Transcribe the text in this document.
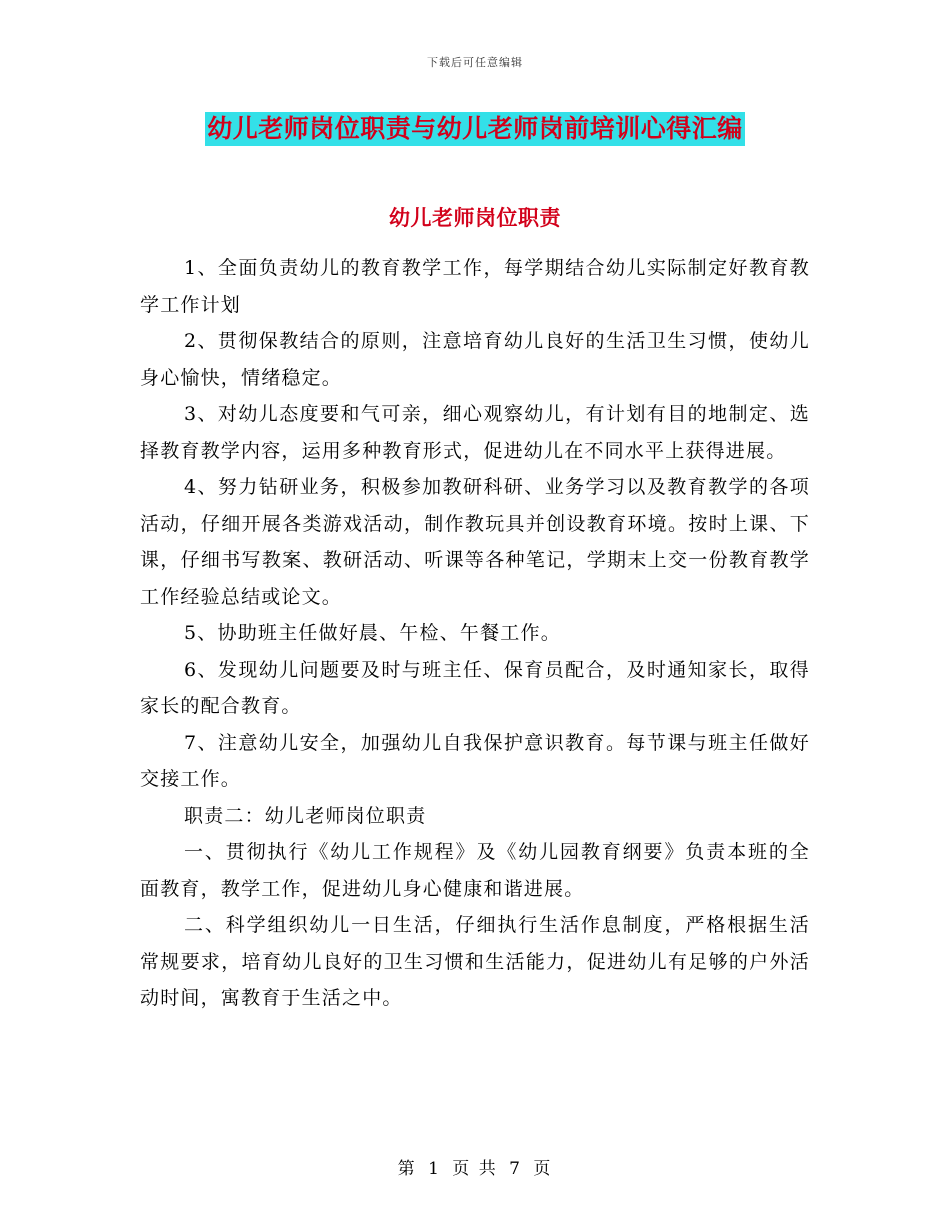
下载后可任意编辑
幼儿老师岗位职责与幼儿老师岗前培训心得汇编
幼儿老师岗位职责

1、全面负责幼儿的教育教学工作，每学期结合幼儿实际制定好教育教学工作计划

2、贯彻保教结合的原则，注意培育幼儿良好的生活卫生习惯，使幼儿身心愉快，情绪稳定。

3、对幼儿态度要和气可亲，细心观察幼儿，有计划有目的地制定、选择教育教学内容，运用多种教育形式，促进幼儿在不同水平上获得进展。

4、努力钻研业务，积极参加教研科研、业务学习以及教育教学的各项活动，仔细开展各类游戏活动，制作教玩具并创设教育环境。按时上课、下课，仔细书写教案、教研活动、听课等各种笔记，学期末上交一份教育教学工作经验总结或论文。

5、协助班主任做好晨、午检、午餐工作。

6、发现幼儿问题要及时与班主任、保育员配合，及时通知家长，取得家长的配合教育。

7、注意幼儿安全，加强幼儿自我保护意识教育。每节课与班主任做好交接工作。

职责二：幼儿老师岗位职责

一、贯彻执行《幼儿工作规程》及《幼儿园教育纲要》负责本班的全面教育，教学工作，促进幼儿身心健康和谐进展。

二、科学组织幼儿一日生活，仔细执行生活作息制度，严格根据生活常规要求，培育幼儿良好的卫生习惯和生活能力，促进幼儿有足够的户外活动时间，寓教育于生活之中。

第 1 页 共 7 页
